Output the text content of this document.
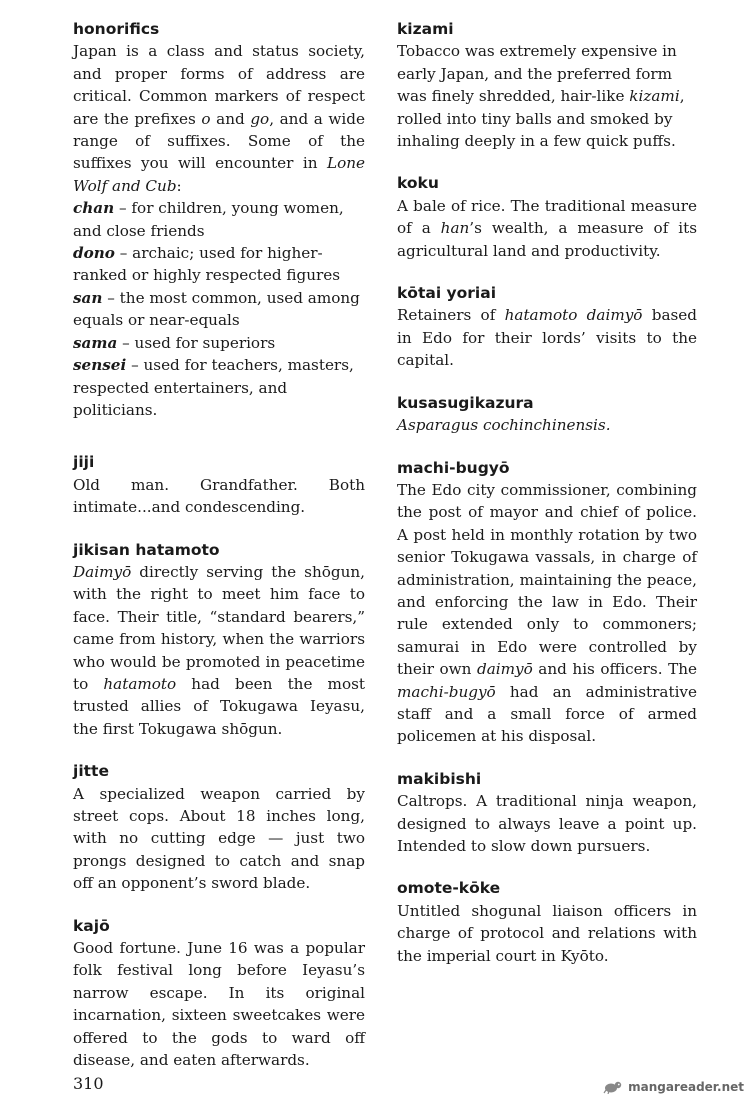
honorifics

Japan is a class and status society, and proper forms of address are critical. Common markers of respect are the prefixes o and go, and a wide range of suffixes. Some of the suffixes you will encounter in Lone Wolf and Cub:

chan – for children, young women, and close friends

dono – archaic; used for higher-ranked or highly respected figures

san – the most common, used among equals or near-equals

sama – used for superiors

sensei – used for teachers, masters, respected entertainers, and politicians.

jiji

Old man. Grandfather. Both intimate...and condescending.

jikisan hatamoto

Daimyō directly serving the shōgun, with the right to meet him face to face. Their title, “standard bearers,” came from history, when the warriors who would be promoted in peacetime to hatamoto had been the most trusted allies of Tokugawa Ieyasu, the first Tokugawa shōgun.

jitte

A specialized weapon carried by street cops. About 18 inches long, with no cutting edge — just two prongs designed to catch and snap off an opponent’s sword blade.

kajō

Good fortune. June 16 was a popular folk festival long before Ieyasu’s narrow escape. In its original incarnation, sixteen sweetcakes were offered to the gods to ward off disease, and eaten afterwards.

kizami

Tobacco was extremely expensive in early Japan, and the preferred form was finely shredded, hair-like kizami, rolled into tiny balls and smoked by inhaling deeply in a few quick puffs.

koku

A bale of rice. The traditional measure of a han’s wealth, a measure of its agricultural land and productivity.

kōtai yoriai

Retainers of hatamoto daimyō based in Edo for their lords’ visits to the capital.

kusasugikazura

Asparagus cochinchinensis.

machi-bugyō

The Edo city commissioner, combining the post of mayor and chief of police. A post held in monthly rotation by two senior Tokugawa vassals, in charge of administration, maintaining the peace, and enforcing the law in Edo. Their rule extended only to commoners; samurai in Edo were controlled by their own daimyō and his officers. The machi-bugyō had an administrative staff and a small force of armed policemen at his disposal.

makibishi

Caltrops. A traditional ninja weapon, designed to always leave a point up. Intended to slow down pursuers.

omote-kōke

Untitled shogunal liaison officers in charge of protocol and relations with the imperial court in Kyōto.

310	mangareader.net
